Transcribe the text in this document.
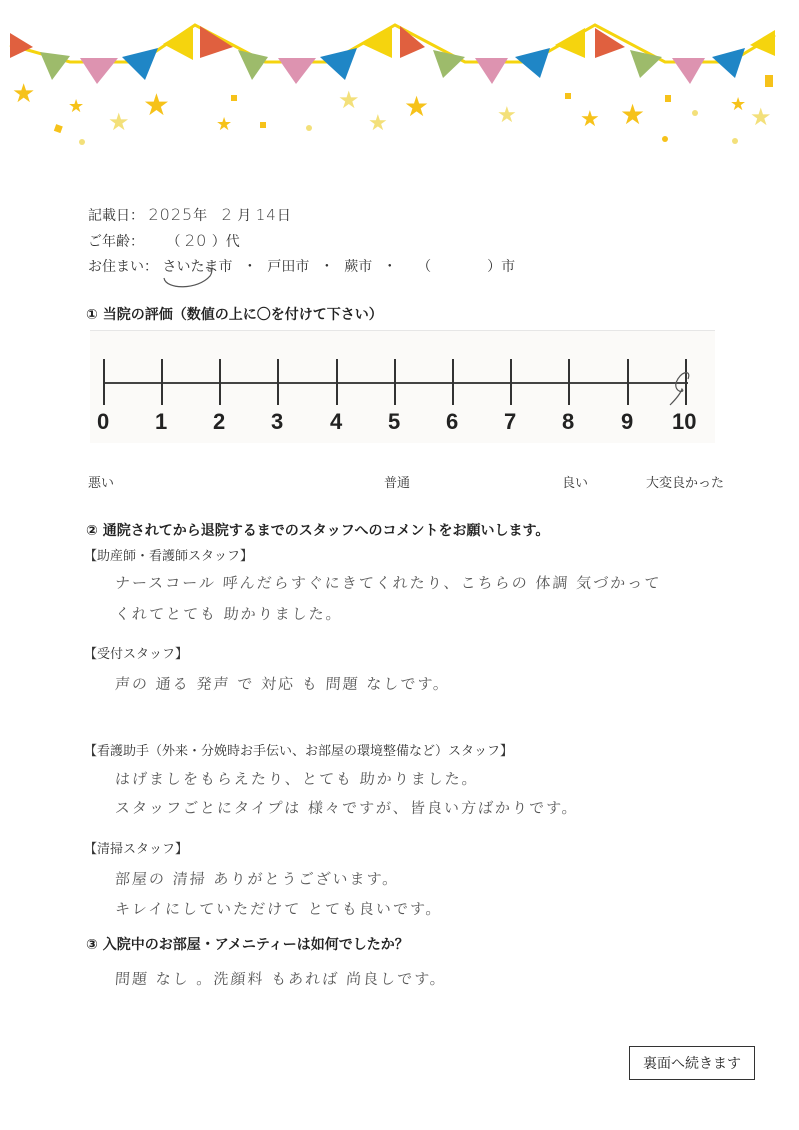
★ ★ ★
★
★	★ ★	★
★
★
★	★	★
記載日： 2025年 2 月 14日
ご年齢： （ 20 ）代
お住まい： さいたま市 ・ 戸田市 ・ 蕨市 ・ （　　　　）市
① 当院の評価（数値の上に〇を付けて下さい）
0 1 2 3 4 5 6 7 8 9 10
悪い	普通	良い	大変良かった
② 通院されてから退院するまでのスタッフへのコメントをお願いします。
【助産師・看護師スタッフ】
ナースコール 呼んだらすぐにきてくれたり、こちらの 体調 気づかって
くれてとても 助かりました。
【受付スタッフ】
声の 通る 発声 で 対応 も 問題 なしです。
【看護助手（外来・分娩時お手伝い、お部屋の環境整備など）スタッフ】
はげましをもらえたり、とても 助かりました。
スタッフごとにタイプは 様々ですが、皆良い方ばかりです。
【清掃スタッフ】
部屋の 清掃 ありがとうございます。
キレイにしていただけて とても良いです。
③ 入院中のお部屋・アメニティーは如何でしたか？
問題 なし 。洗顔料 もあれば 尚良しです。
裏面へ続きます
